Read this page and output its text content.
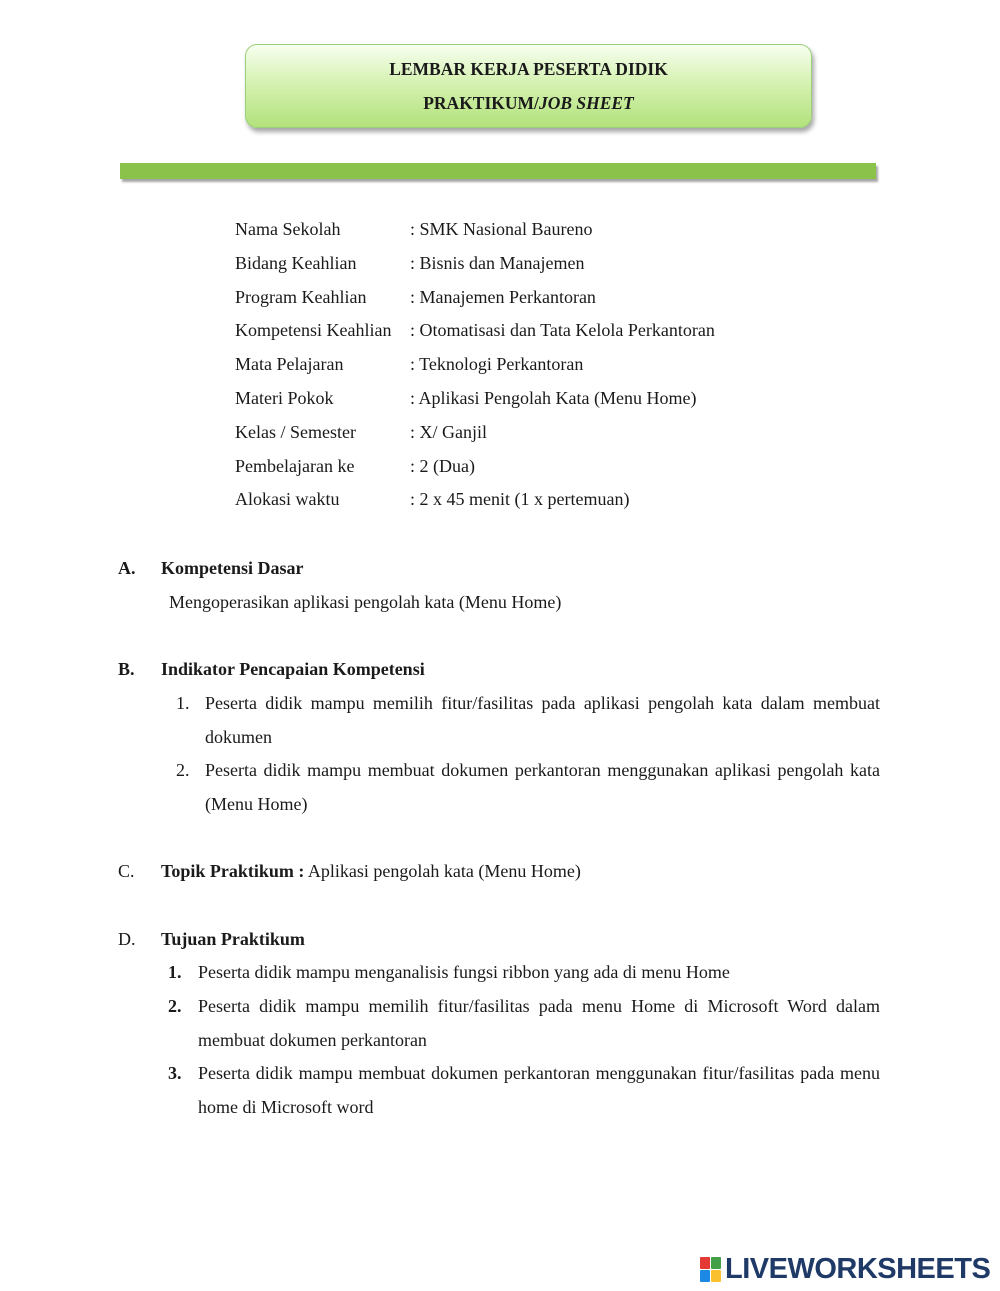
LEMBAR KERJA PESERTA DIDIK
PRAKTIKUM/JOB SHEET
Nama Sekolah	: SMK Nasional Baureno
Bidang Keahlian	: Bisnis dan Manajemen
Program Keahlian : Manajemen Perkantoran
Kompetensi Keahlian : Otomatisasi dan Tata Kelola Perkantoran
Mata Pelajaran	: Teknologi Perkantoran
Materi Pokok	: Aplikasi Pengolah Kata (Menu Home)
Kelas / Semester	: X/ Ganjil
Pembelajaran ke	: 2 (Dua)
Alokasi waktu	: 2 x 45 menit (1 x pertemuan)
A. Kompetensi Dasar
Mengoperasikan aplikasi pengolah kata (Menu Home)
B. Indikator Pencapaian Kompetensi
1. Peserta didik mampu memilih fitur/fasilitas pada aplikasi pengolah kata dalam membuat dokumen
2. Peserta didik mampu membuat dokumen perkantoran menggunakan aplikasi pengolah kata (Menu Home)
C. Topik Praktikum : Aplikasi pengolah kata (Menu Home)
D. Tujuan Praktikum
1. Peserta didik mampu menganalisis fungsi ribbon yang ada di menu Home
2. Peserta didik mampu memilih fitur/fasilitas pada menu Home di Microsoft Word dalam membuat dokumen perkantoran
3. Peserta didik mampu membuat dokumen perkantoran menggunakan fitur/fasilitas pada menu home di Microsoft word
LIVEWORKSHEETS
